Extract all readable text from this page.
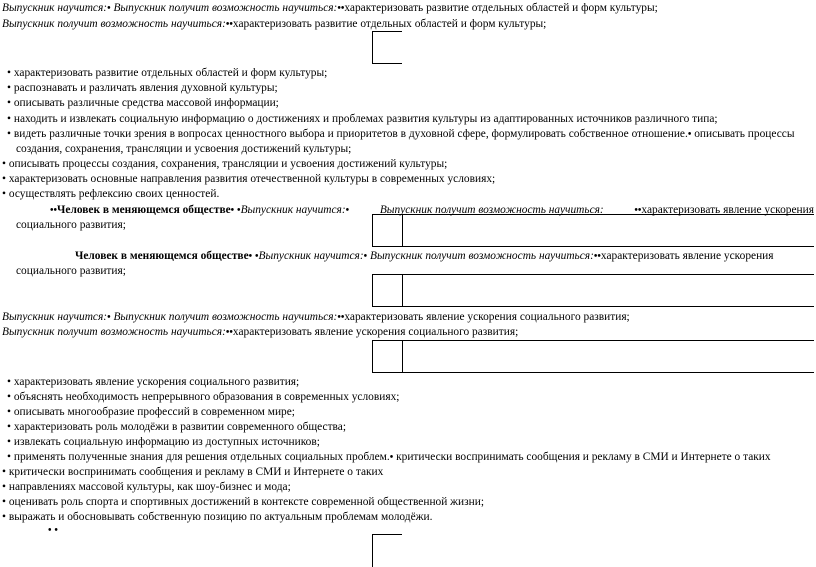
Выпускник научится:• Выпускник получит возможность научиться:••характеризовать развитие отдельных областей и форм культуры;
Выпускник получит возможность научиться:••характеризовать развитие отдельных областей и форм культуры;
• характеризовать развитие отдельных областей и форм культуры;
• распознавать и различать явления духовной культуры;
• описывать различные средства массовой информации;
• находить и извлекать социальную информацию о достижениях и проблемах развития культуры из адаптированных источников различного типа;
• видеть различные точки зрения в вопросах ценностного выбора и приоритетов в духовной сфере, формулировать собственное отношение.• описывать процессы
создания, сохранения, трансляции и усвоения достижений культуры;
• описывать процессы создания, сохранения, трансляции и усвоения достижений культуры;
• характеризовать основные направления развития отечественной культуры в современных условиях;
• осуществлять рефлексию своих ценностей.
••Человек в меняющемся обществе• •Выпускник научится:•	Выпускник получит возможность научиться:	••характеризовать явление ускорения
социального развития;
Человек в меняющемся обществе• •Выпускник научится:• Выпускник получит возможность научиться:••характеризовать явление ускорения
социального развития;
Выпускник научится:• Выпускник получит возможность научиться:••характеризовать явление ускорения социального развития;
Выпускник получит возможность научиться:••характеризовать явление ускорения социального развития;
• характеризовать явление ускорения социального развития;
• объяснять необходимость непрерывного образования в современных условиях;
• описывать многообразие профессий в современном мире;
• характеризовать роль молодёжи в развитии современного общества;
• извлекать социальную информацию из доступных источников;
• применять полученные знания для решения отдельных социальных проблем.• критически воспринимать сообщения и рекламу в СМИ и Интернете о таких
• критически воспринимать сообщения и рекламу в СМИ и Интернете о таких
• направлениях массовой культуры, как шоу-бизнес и мода;
• оценивать роль спорта и спортивных достижений в контексте современной общественной жизни;
• выражать и обосновывать собственную позицию по актуальным проблемам молодёжи.
• •
